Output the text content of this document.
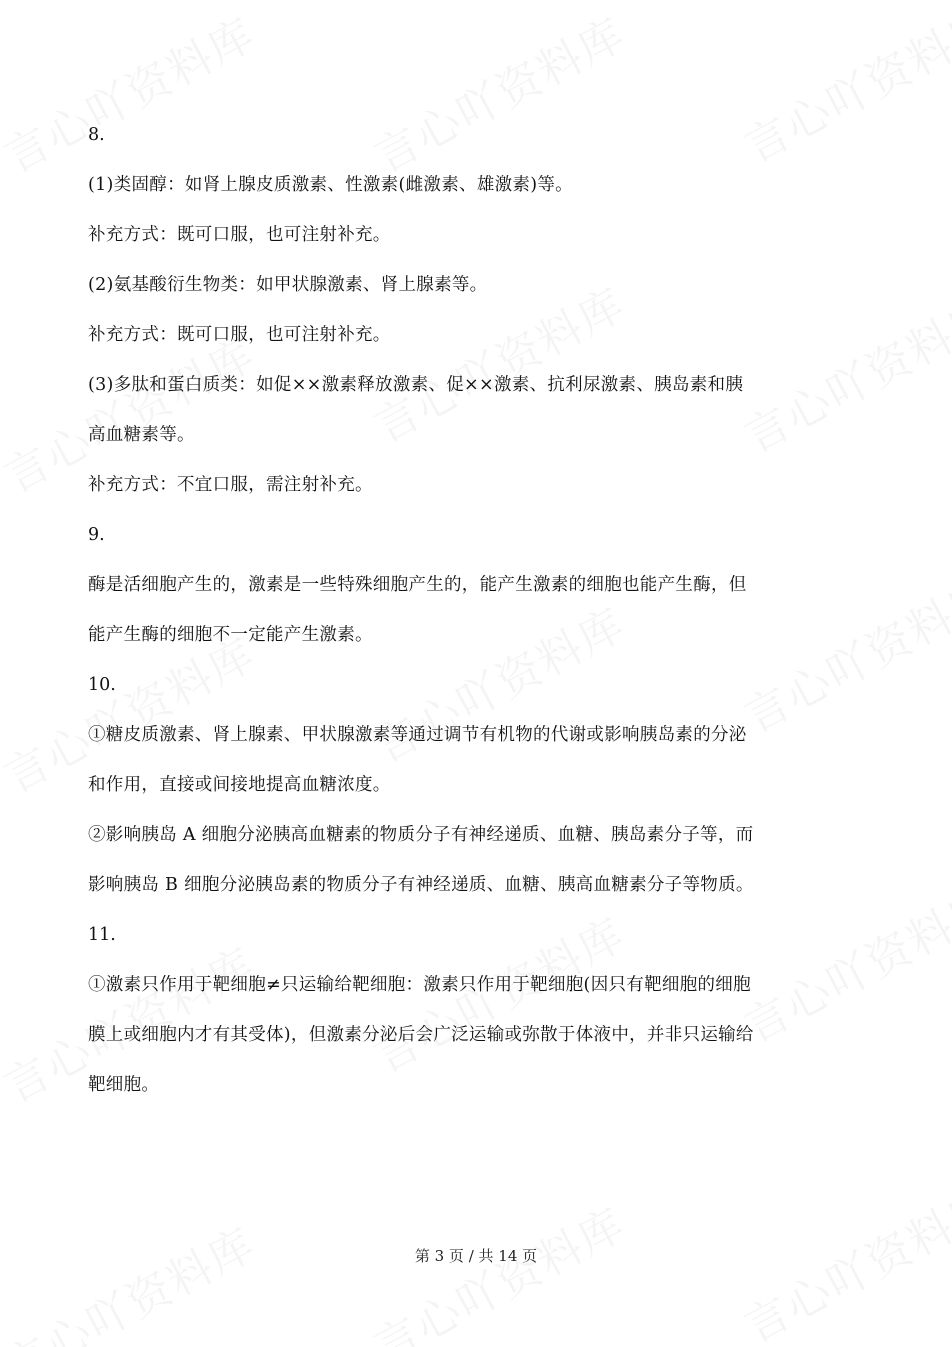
8.

(1)类固醇：如肾上腺皮质激素、性激素(雌激素、雄激素)等。

补充方式：既可口服，也可注射补充。

(2)氨基酸衍生物类：如甲状腺激素、肾上腺素等。

补充方式：既可口服，也可注射补充。

(3)多肽和蛋白质类：如促××激素释放激素、促××激素、抗利尿激素、胰岛素和胰

高血糖素等。

补充方式：不宜口服，需注射补充。

9.

酶是活细胞产生的，激素是一些特殊细胞产生的，能产生激素的细胞也能产生酶，但

能产生酶的细胞不一定能产生激素。

10.

①糖皮质激素、肾上腺素、甲状腺激素等通过调节有机物的代谢或影响胰岛素的分泌

和作用，直接或间接地提高血糖浓度。

②影响胰岛 A 细胞分泌胰高血糖素的物质分子有神经递质、血糖、胰岛素分子等，而

影响胰岛 B 细胞分泌胰岛素的物质分子有神经递质、血糖、胰高血糖素分子等物质。

11.

①激素只作用于靶细胞≠只运输给靶细胞：激素只作用于靶细胞(因只有靶细胞的细胞

膜上或细胞内才有其受体)，但激素分泌后会广泛运输或弥散于体液中，并非只运输给

靶细胞。

第 3 页 / 共 14 页
